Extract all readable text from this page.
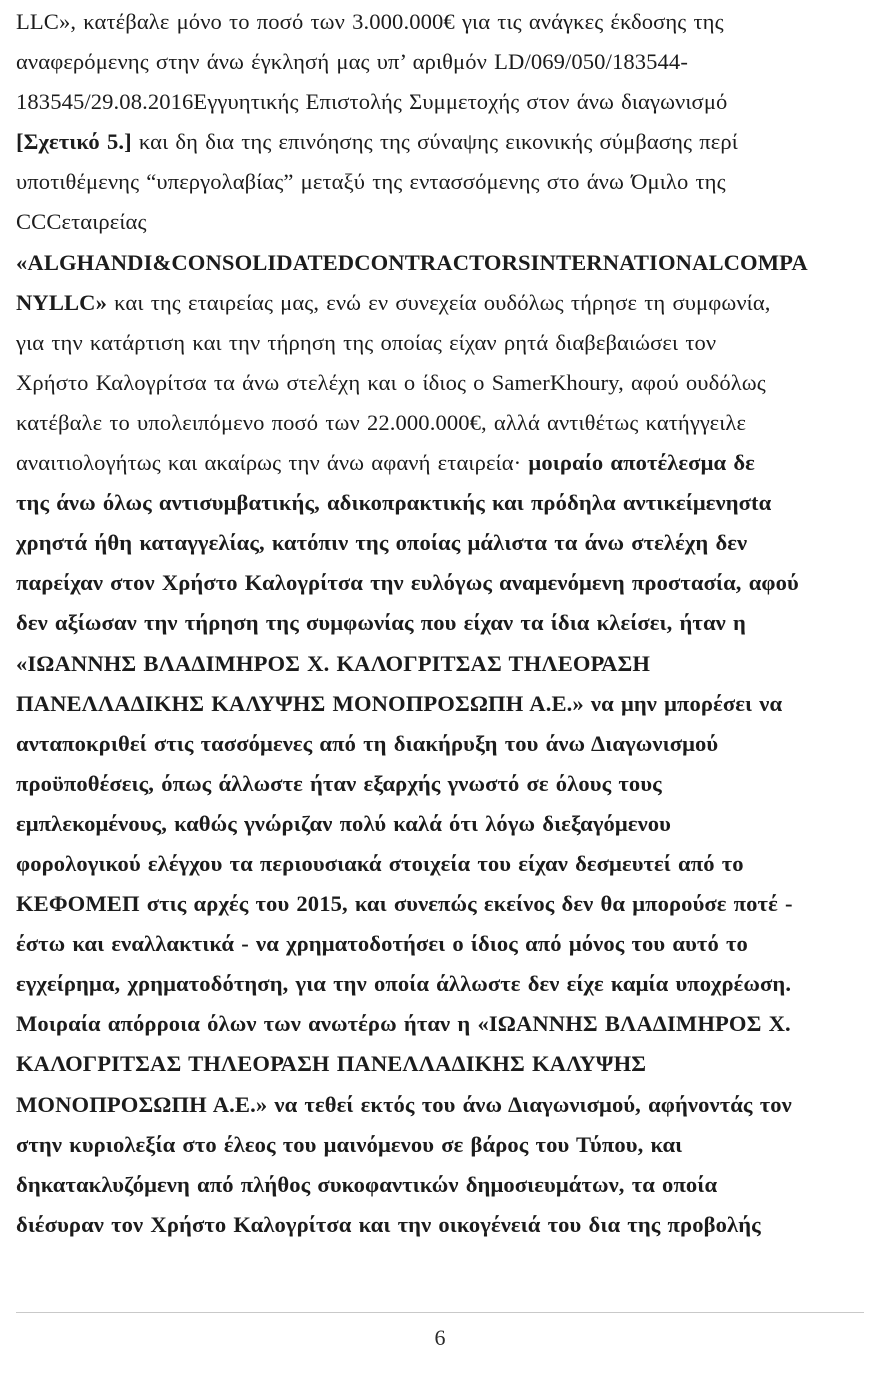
LLC», κατέβαλε μόνο το ποσό των 3.000.000€ για τις ανάγκες έκδοσης της

αναφερόμενης στην άνω έγκλησή μας υπ’ αριθμόν LD/069/050/183544-

183545/29.08.2016Εγγυητικής Επιστολής Συμμετοχής στον άνω διαγωνισμό

[Σχετικό 5.] και δη δια της επινόησης της σύναψης εικονικής σύμβασης περί

υποτιθέμενης “υπεργολαβίας” μεταξύ της εντασσόμενης στο άνω Όμιλο της

CCCεταιρείας

«ALGHANDI&CONSOLIDATEDCONTRACTORSINTERNATIONALCOMPA

NYLLC» και της εταιρείας μας, ενώ εν συνεχεία ουδόλως τήρησε τη συμφωνία,

για την κατάρτιση και την τήρηση της οποίας είχαν ρητά διαβεβαιώσει τον

Χρήστο Καλογρίτσα τα άνω στελέχη και ο ίδιος ο SamerKhoury, αφού ουδόλως

κατέβαλε το υπολειπόμενο ποσό των 22.000.000€, αλλά αντιθέτως κατήγγειλε

αναιτιολογήτως και ακαίρως την άνω αφανή εταιρεία· μοιραίο αποτέλεσμα δε

της άνω όλως αντισυμβατικής, αδικοπρακτικής και πρόδηλα αντικείμενησtα

χρηστά ήθη καταγγελίας, κατόπιν της οποίας μάλιστα τα άνω στελέχη δεν

παρείχαν στον Χρήστο Καλογρίτσα την ευλόγως αναμενόμενη προστασία, αφού

δεν αξίωσαν την τήρηση της συμφωνίας που είχαν τα ίδια κλείσει, ήταν η

«ΙΩΑΝΝΗΣ ΒΛΑΔΙΜΗΡΟΣ Χ. ΚΑΛΟΓΡΙΤΣΑΣ ΤΗΛΕΟΡΑΣΗ

ΠΑΝΕΛΛΑΔΙΚΗΣ ΚΑΛΥΨΗΣ ΜΟΝΟΠΡΟΣΩΠΗ Α.Ε.» να μην μπορέσει να

ανταποκριθεί στις τασσόμενες από τη διακήρυξη του άνω Διαγωνισμού

προϋποθέσεις, όπως άλλωστε ήταν εξαρχής γνωστό σε όλους τους

εμπλεκομένους, καθώς γνώριζαν πολύ καλά ότι λόγω διεξαγόμενου

φορολογικού ελέγχου τα περιουσιακά στοιχεία του είχαν δεσμευτεί από το

ΚΕΦΟΜΕΠ στις αρχές του 2015, και συνεπώς εκείνος δεν θα μπορούσε ποτέ -

έστω και εναλλακτικά - να χρηματοδοτήσει ο ίδιος από μόνος του αυτό το

εγχείρημα, χρηματοδότηση, για την οποία άλλωστε δεν είχε καμία υποχρέωση.

Μοιραία απόρροια όλων των ανωτέρω ήταν η «ΙΩΑΝΝΗΣ ΒΛΑΔΙΜΗΡΟΣ Χ.

ΚΑΛΟΓΡΙΤΣΑΣ ΤΗΛΕΟΡΑΣΗ ΠΑΝΕΛΛΑΔΙΚΗΣ ΚΑΛΥΨΗΣ

ΜΟΝΟΠΡΟΣΩΠΗ Α.Ε.» να τεθεί εκτός του άνω Διαγωνισμού, αφήνοντάς τον

στην κυριολεξία στο έλεος του μαινόμενου σε βάρος του Τύπου, και

δηκατακλυζόμενη από πλήθος συκοφαντικών δημοσιευμάτων, τα οποία

διέσυραν τον Χρήστο Καλογρίτσα και την οικογένειά του δια της προβολής

6
